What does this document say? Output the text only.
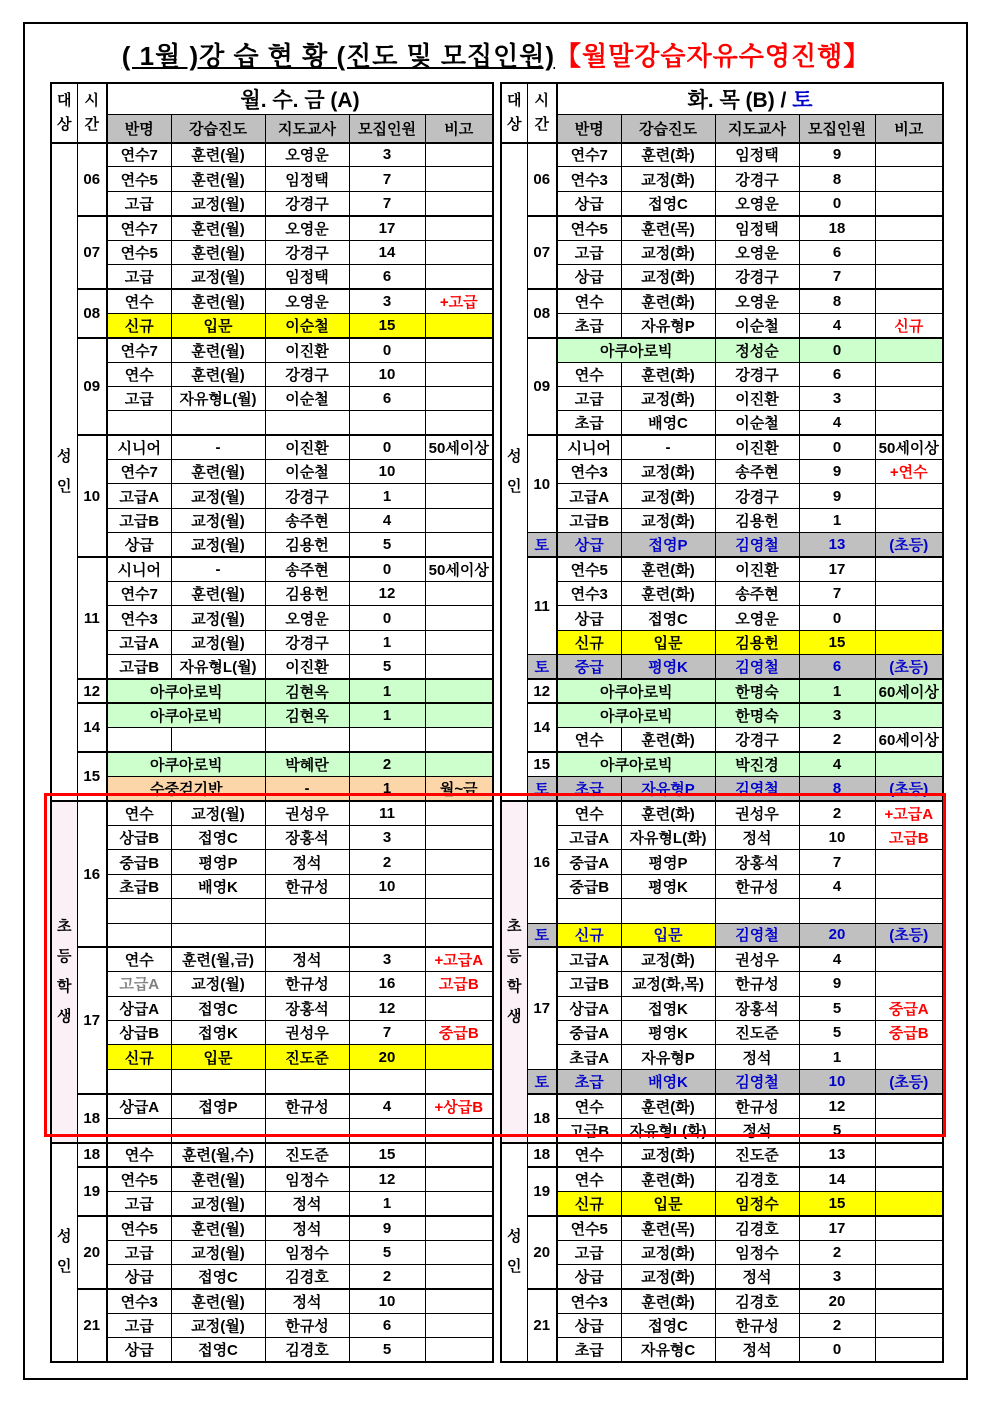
( 1월 )강 습 현 황 (진도 및 모집인원)【월말강습자유수영진행】
대
상

시
간
	월. 수. 금 (A)
		반명	강습진도	지도교사	모집인원	비고

성
인	06	연수7	훈련(월)	오영운	3	
		연수5	훈련(월)	임정택	7	
		고급	교정(월)	강경구	7	
	07	연수7	훈련(월)	오영운	17	
		연수5	훈련(월)	강경구	14	
		고급	교정(월)	임정택	6	
	08	연수	훈련(월)	오영운	3	+고급
		신규	입문	이순철	15	
	09	연수7	훈련(월)	이진환	0	
		연수	훈련(월)	강경구	10	
		고급	자유형L(월)	이순철	6	

	10	시니어	-	이진환	0	50세이상
		연수7	훈련(월)	이순철	10	
		고급A	교정(월)	강경구	1	
		고급B	교정(월)	송주현	4	
		상급	교정(월)	김용헌	5	
	11	시니어	-	송주현	0	50세이상
		연수7	훈련(월)	김용헌	12	
		연수3	교정(월)	오영운	0	
		고급A	교정(월)	강경구	1	
		고급B	자유형L(월)	이진환	5	
	12	아쿠아로빅		김현옥	1	
	14	아쿠아로빅		김현옥	1	

	15	아쿠아로빅		박혜란	2	
		수중걷기반		-	1	월~금

초
등
학
생	16	연수	교정(월)	권성우	11	
		상급B	접영C	장홍석	3	
		중급B	평영P	정석	2	
		초급B	배영K	한규성	10	

	17	연수	훈련(월,금)	정석	3	+고급A
		고급A	교정(월)	한규성	16	고급B
		상급A	접영C	장홍석	12	
		상급B	접영K	권성우	7	중급B
		신규	입문	진도준	20	

	18	상급A	접영P	한규성	4	+상급B

성
인	18	연수	훈련(월,수)	진도준	15	
	19	연수5	훈련(월)	임정수	12	
		고급	교정(월)	정석	1	
	20	연수5	훈련(월)	정석	9	
		고급	교정(월)	임정수	5	
		상급	접영C	김경호	2	
	21	연수3	훈련(월)	정석	10	
		고급	교정(월)	한규성	6	
		상급	접영C	김경호	5	
대
상

시
간
	화. 목 (B) / 토
		반명	강습진도	지도교사	모집인원	비고

성
인	06	연수7	훈련(화)	임정택	9	
		연수3	교정(화)	강경구	8	
		상급	접영C	오영운	0	
	07	연수5	훈련(목)	임정택	18	
		고급	교정(화)	오영운	6	
		상급	교정(화)	강경구	7	
	08	연수	훈련(화)	오영운	8	
		초급	자유형P	이순철	4	신규
	09	아쿠아로빅		정성순	0	
		연수	훈련(화)	강경구	6	
		고급	교정(화)	이진환	3	
		초급	배영C	이순철	4	
	10	시니어	-	이진환	0	50세이상
		연수3	교정(화)	송주현	9	+연수
		고급A	교정(화)	강경구	9	
		고급B	교정(화)	김용헌	1	
	토	상급	접영P	김영철	13	(초등)
	11	연수5	훈련(화)	이진환	17	
		연수3	훈련(화)	송주현	7	
		상급	접영C	오영운	0	
		신규	입문	김용헌	15	
	토	중급	평영K	김영철	6	(초등)
	12	아쿠아로빅		한명숙	1	60세이상
	14	아쿠아로빅		한명숙	3	
		연수	훈련(화)	강경구	2	60세이상
	15	아쿠아로빅		박진경	4	
	토	초급	자유형P	김영철	8	(초등)

초
등
학
생	16	연수	훈련(화)	권성우	2	+고급A
		고급A	자유형L(화)	정석	10	고급B
		중급A	평영P	장홍석	7	
		중급B	평영K	한규성	4	

	토	신규	입문	김영철	20	(초등)
	17	고급A	교정(화)	권성우	4	
		고급B	교정(화,목)	한규성	9	
		상급A	접영K	장홍석	5	중급A
		중급A	평영K	진도준	5	중급B
		초급A	자유형P	정석	1	
	토	초급	배영K	김영철	10	(초등)
	18	연수	훈련(화)	한규성	12	
		고급B	자유형L(화)	정석	5	

성
인	18	연수	교정(화)	진도준	13	
	19	연수	훈련(화)	김경호	14	
		신규	입문	임정수	15	
	20	연수5	훈련(목)	김경호	17	
		고급	교정(화)	임정수	2	
		상급	교정(화)	정석	3	
	21	연수3	훈련(화)	김경호	20	
		상급	접영C	한규성	2	
		초급	자유형C	정석	0	
